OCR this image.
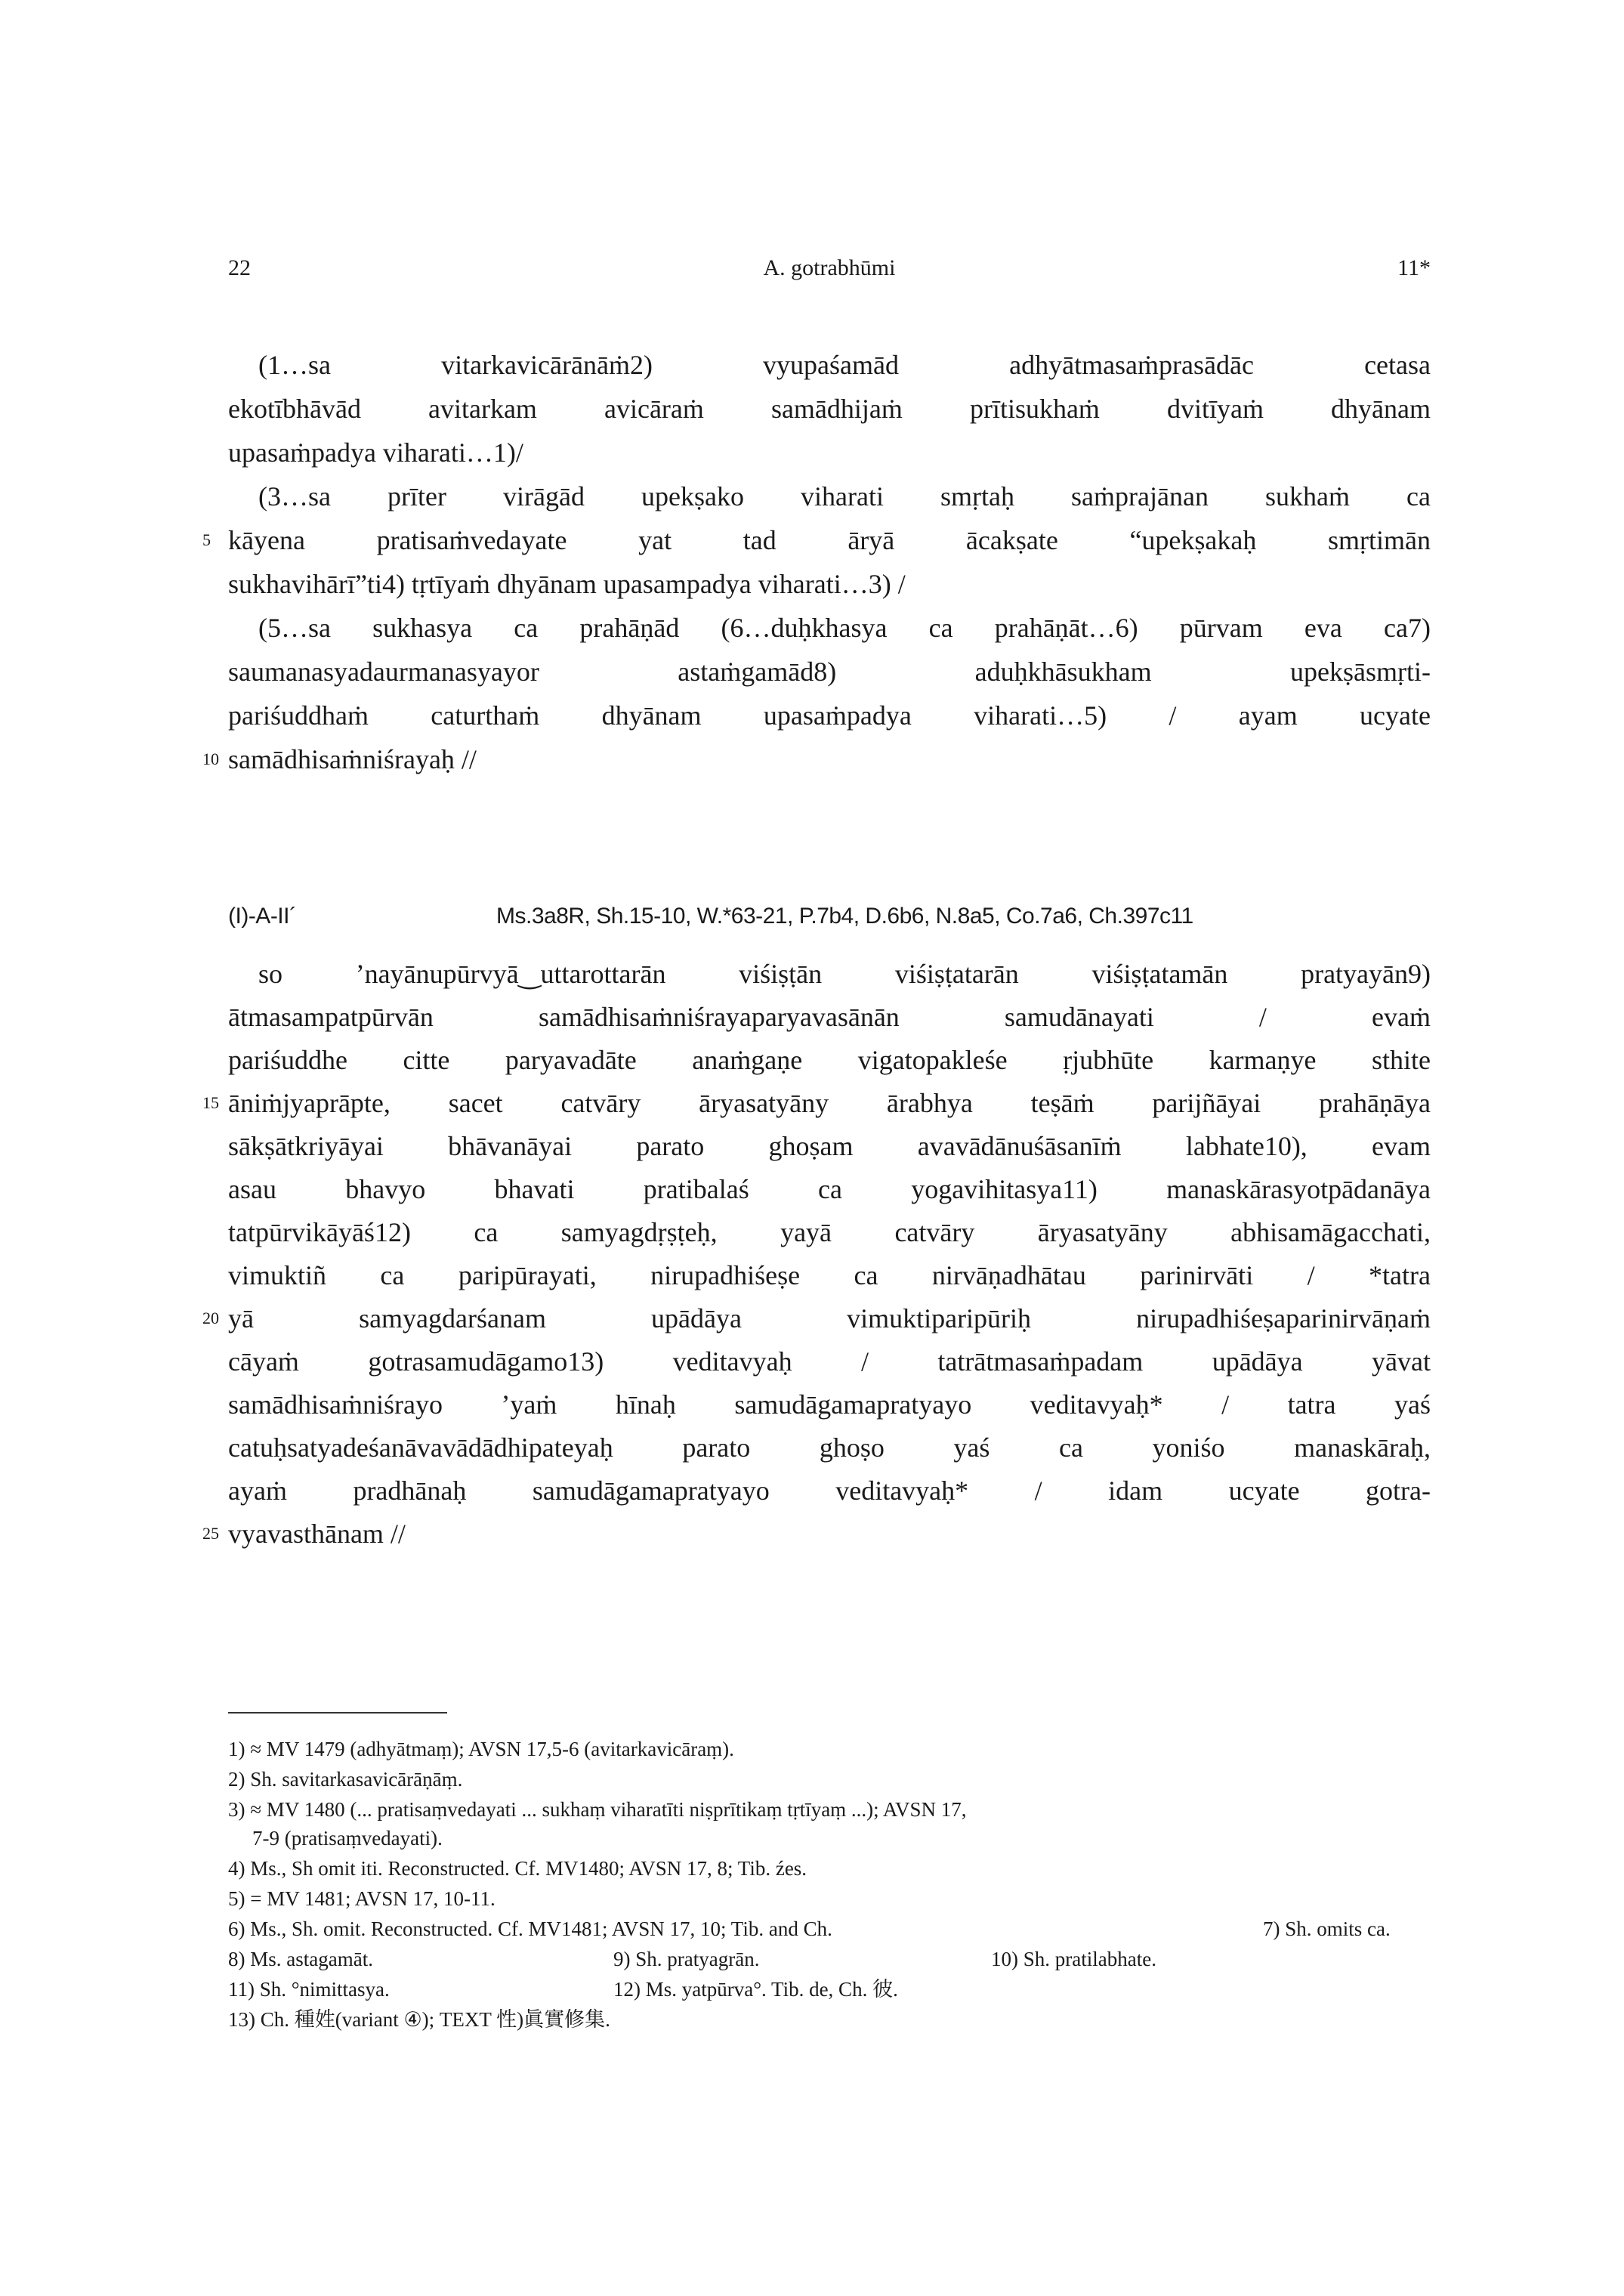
22	A. gotrabhūmi	11*
(1…sa vitarkavicārānāṁ2) vyupaśamād adhyātmasaṁprasādāc cetasa
ekotībhāvād avitarkam avicāraṁ samādhijaṁ prītisukhaṁ dvitīyaṁ dhyānam
upasaṁpadya viharati…1)/
(3…sa prīter virāgād upekṣako viharati smṛtaḥ saṁprajānan sukhaṁ ca
5 kāyena pratisaṁvedayate yat tad āryā ācakṣate “upekṣakaḥ smṛtimān
sukhavihārī”ti4) tṛtīyaṁ dhyānam upasampadya viharati…3) /
(5…sa sukhasya ca prahāṇād (6…duḥkhasya ca prahāṇāt…6) pūrvam eva ca7)
saumanasyadaurmanasyayor astaṁgamād8) aduḥkhāsukham upekṣāsmṛti-
pariśuddhaṁ caturthaṁ dhyānam upasaṁpadya viharati…5) / ayam ucyate
10 samādhisaṁniśrayaḥ //
(I)-A-II´	Ms.3a8R, Sh.15-10, W.*63-21, P.7b4, D.6b6, N.8a5, Co.7a6, Ch.397c11
so ’nayānupūrvyā‿uttarottarān viśiṣṭān viśiṣṭatarān viśiṣṭatamān pratyayān9)
ātmasampatpūrvān samādhisaṁniśrayaparyavasānān samudānayati / evaṁ
pariśuddhe citte paryavadāte anaṁgaṇe vigatopakleśe ṛjubhūte karmaṇye sthite
15 āniṁjyaprāpte, sacet catvāry āryasatyāny ārabhya teṣāṁ parijñāyai prahāṇāya
sākṣātkriyāyai bhāvanāyai parato ghoṣam avavādānuśāsanīṁ labhate10), evam
asau bhavyo bhavati pratibalaś ca yogavihitasya11) manaskārasyotpādanāya
tatpūrvikāyāś12) ca samyagdṛṣṭeḥ, yayā catvāry āryasatyāny abhisamāgacchati,
vimuktiñ ca paripūrayati, nirupadhiśeṣe ca nirvāṇadhātau parinirvāti / *tatra
20 yā samyagdarśanam upādāya vimuktiparipūriḥ nirupadhiśeṣaparinirvāṇaṁ
cāyaṁ gotrasamudāgamo13) veditavyaḥ / tatrātmasaṁpadam upādāya yāvat
samādhisaṁniśrayo ’yaṁ hīnaḥ samudāgamapratyayo veditavyaḥ* / tatra yaś
catuḥsatyadeśanāvavādādhipateyaḥ parato ghoṣo yaś ca yoniśo manaskāraḥ,
ayaṁ pradhānaḥ samudāgamapratyayo veditavyaḥ* / idam ucyate gotra-
25 vyavasthānam //
1) ≈ MV 1479 (adhyātmaṃ); AVSN 17,5-6 (avitarkavicāraṃ).
2) Sh. savitarkasavicārāṇāṃ.
3) ≈ MV 1480 (... pratisaṃvedayati ... sukhaṃ viharatīti niṣprītikaṃ tṛtīyaṃ ...); AVSN 17,
7-9 (pratisaṃvedayati).
4) Ms., Sh omit iti. Reconstructed. Cf. MV1480; AVSN 17, 8; Tib. źes.
5) = MV 1481; AVSN 17, 10-11.
6) Ms., Sh. omit. Reconstructed. Cf. MV1481; AVSN 17, 10; Tib. and Ch.	7) Sh. omits ca.
8) Ms. astagamāt.	9) Sh. pratyagrān.	10) Sh. pratilabhate.
11) Sh. °nimittasya.	12) Ms. yatpūrva°. Tib. de, Ch. 彼.
13) Ch. 種姓(variant ④); TEXT 性)眞實修集.
